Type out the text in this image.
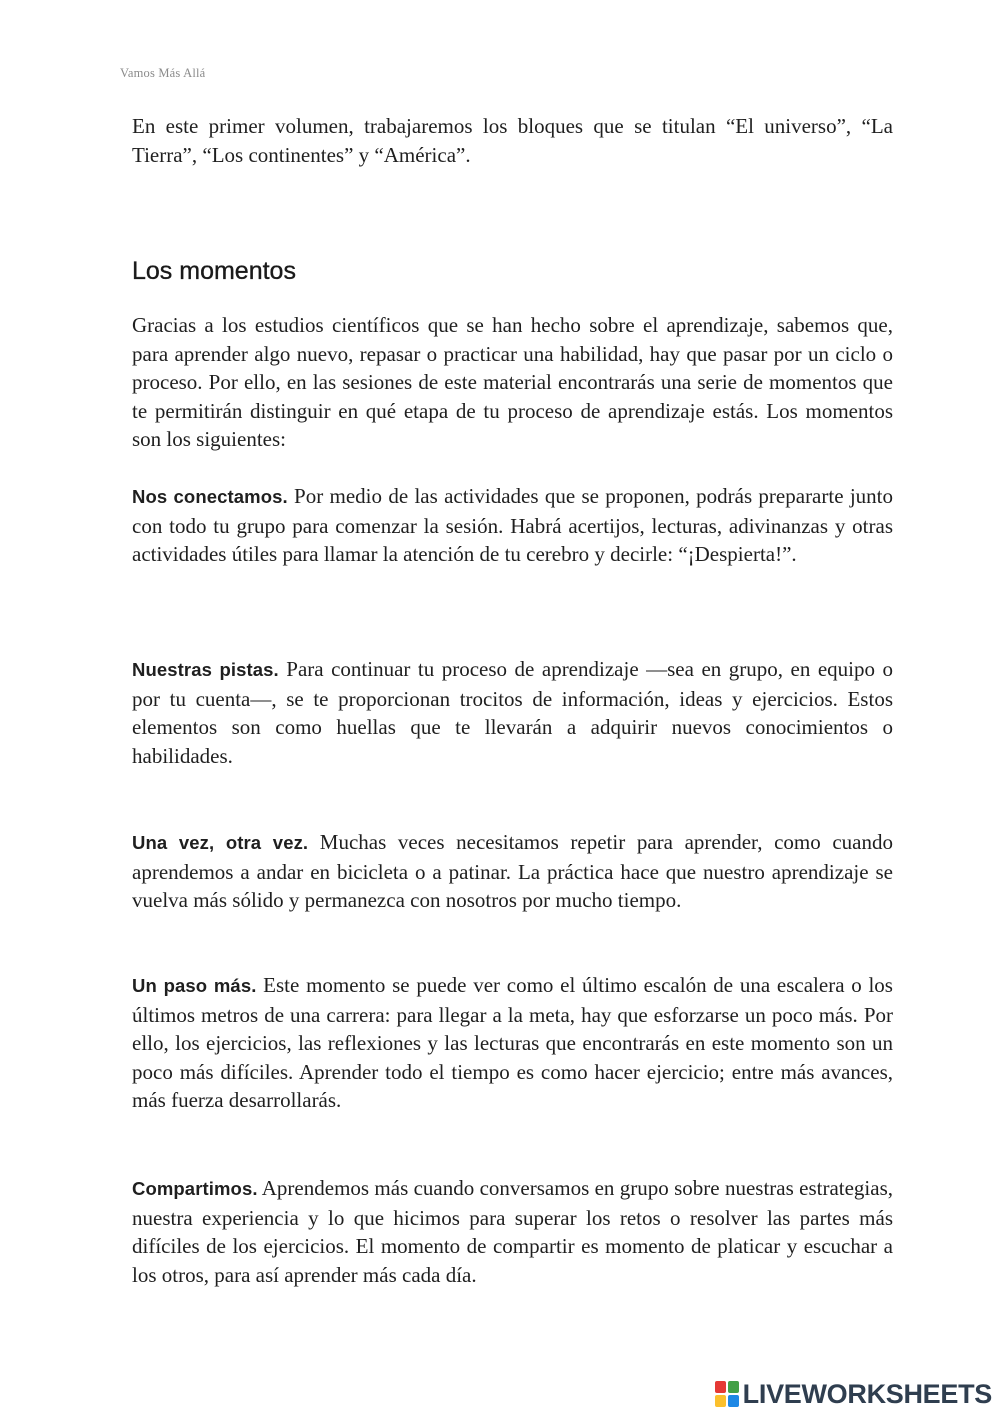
Vamos Más Allá

En este primer volumen, trabajaremos los bloques que se titulan “El universo”, “La Tierra”, “Los continentes” y “América”.

Los momentos

Gracias a los estudios científicos que se han hecho sobre el aprendizaje, sabemos que, para aprender algo nuevo, repasar o practicar una habilidad, hay que pasar por un ciclo o proceso. Por ello, en las sesiones de este material encontrarás una serie de momentos que te permitirán distinguir en qué etapa de tu proceso de aprendizaje estás. Los momentos son los siguientes:

Nos conectamos. Por medio de las actividades que se proponen, podrás prepararte junto con todo tu grupo para comenzar la sesión. Habrá acertijos, lecturas, adivinanzas y otras actividades útiles para llamar la atención de tu cerebro y decirle: “¡Despierta!”.

Nuestras pistas. Para continuar tu proceso de aprendizaje —sea en grupo, en equipo o por tu cuenta—, se te proporcionan trocitos de información, ideas y ejercicios. Estos elementos son como huellas que te llevarán a adquirir nuevos conocimientos o habilidades.

Una vez, otra vez. Muchas veces necesitamos repetir para aprender, como cuando aprendemos a andar en bicicleta o a patinar. La práctica hace que nuestro aprendizaje se vuelva más sólido y permanezca con nosotros por mucho tiempo.

Un paso más. Este momento se puede ver como el último escalón de una escalera o los últimos metros de una carrera: para llegar a la meta, hay que esforzarse un poco más. Por ello, los ejercicios, las reflexiones y las lecturas que encontrarás en este momento son un poco más difíciles. Aprender todo el tiempo es como hacer ejercicio; entre más avances, más fuerza desarrollarás.

Compartimos. Aprendemos más cuando conversamos en grupo sobre nuestras estrategias, nuestra experiencia y lo que hicimos para superar los retos o resolver las partes más difíciles de los ejercicios. El momento de compartir es momento de platicar y escuchar a los otros, para así aprender más cada día.

LIVEWORKSHEETS
